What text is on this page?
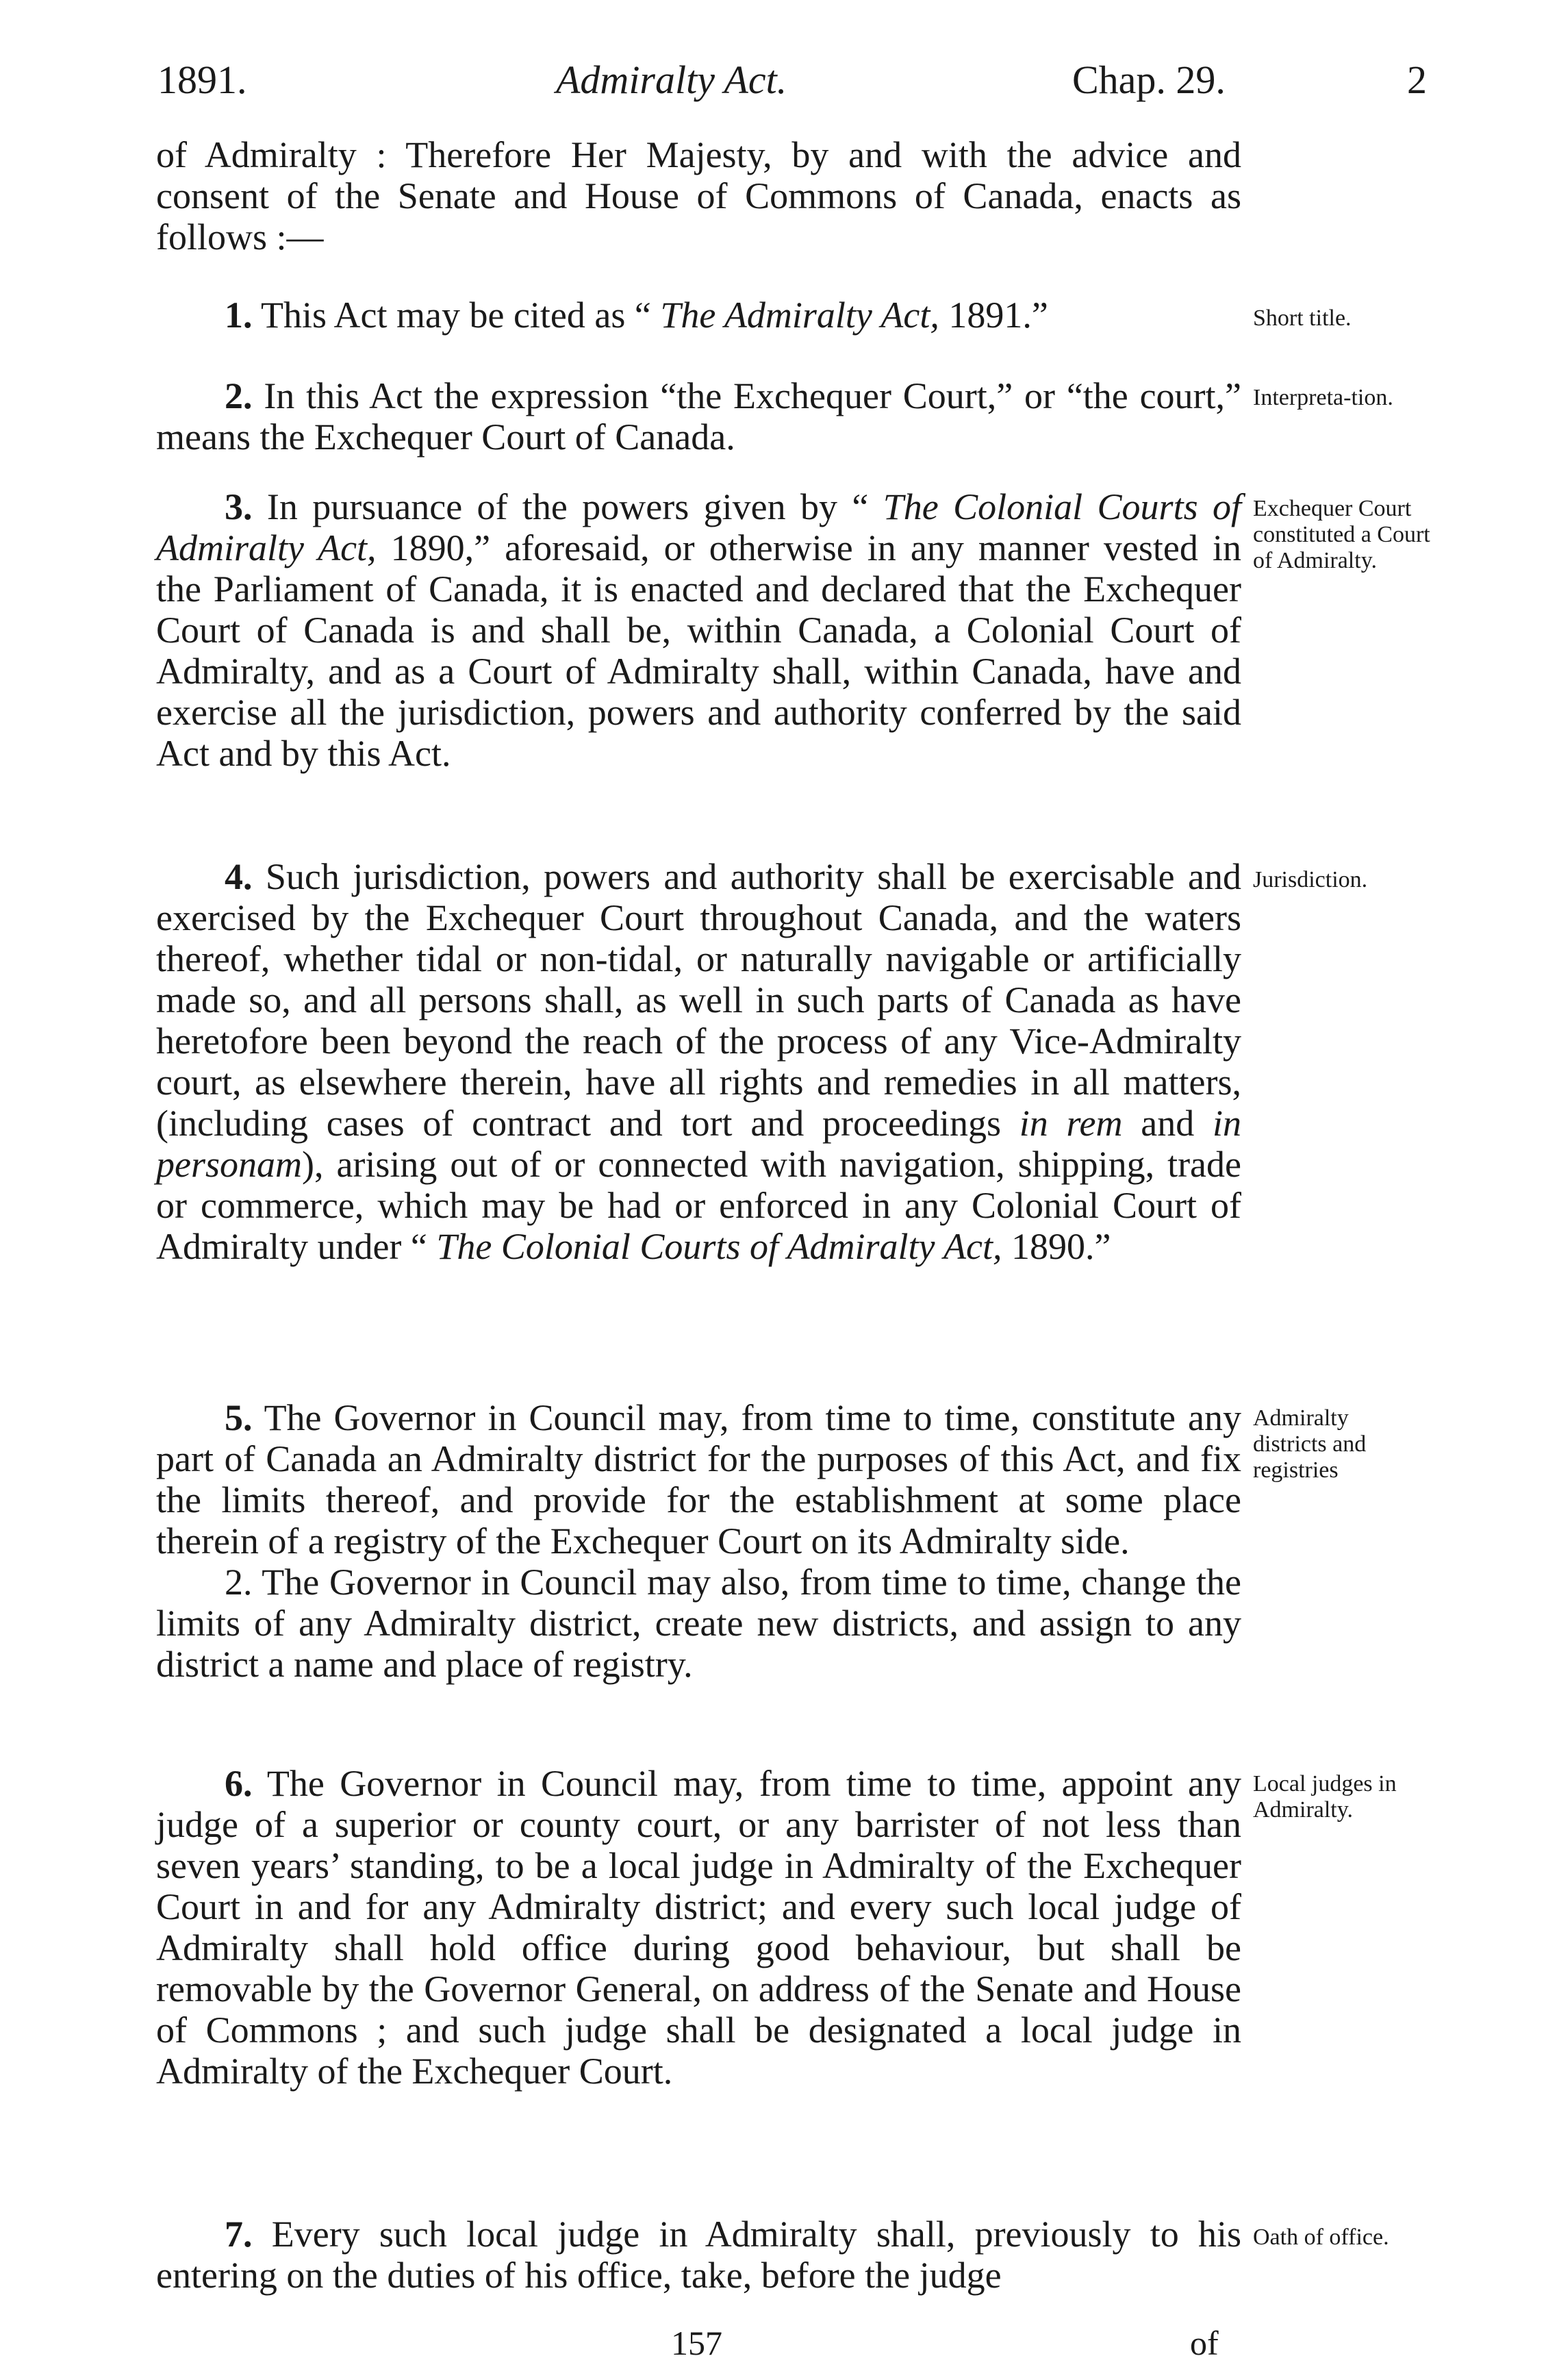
1891.	Admiralty Act.	Chap. 29.	2

of Admiralty : Therefore Her Majesty, by and with the advice and consent of the Senate and House of Commons of Canada, enacts as follows :—

1. This Act may be cited as “ The Admiralty Act, 1891.”	Short title.

2. In this Act the expression “the Exchequer Court,” or “the court,” means the Exchequer Court of Canada.

Interpreta-tion.

3. In pursuance of the powers given by “ The Colonial Courts of Admiralty Act, 1890,” aforesaid, or otherwise in any manner vested in the Parliament of Canada, it is enacted and declared that the Exchequer Court of Canada is and shall be, within Canada, a Colonial Court of Admiralty, and as a Court of Admiralty shall, within Canada, have and exercise all the jurisdiction, powers and authority conferred by the said Act and by this Act.

Exchequer Court constituted a Court of Admiralty.

4. Such jurisdiction, powers and authority shall be exercisable and exercised by the Exchequer Court throughout Canada, and the waters thereof, whether tidal or non-tidal, or naturally navigable or artificially made so, and all persons shall, as well in such parts of Canada as have heretofore been beyond the reach of the process of any Vice-Admiralty court, as elsewhere therein, have all rights and remedies in all matters, (including cases of contract and tort and proceedings in rem and in personam), arising out of or connected with navigation, shipping, trade or commerce, which may be had or enforced in any Colonial Court of Admiralty under “ The Colonial Courts of Admiralty Act, 1890.”

Jurisdiction.

5. The Governor in Council may, from time to time, constitute any part of Canada an Admiralty district for the purposes of this Act, and fix the limits thereof, and provide for the establishment at some place therein of a registry of the Exchequer Court on its Admiralty side.

2. The Governor in Council may also, from time to time, change the limits of any Admiralty district, create new districts, and assign to any district a name and place of registry.

Admiralty districts and registries

6. The Governor in Council may, from time to time, appoint any judge of a superior or county court, or any barrister of not less than seven years’ standing, to be a local judge in Admiralty of the Exchequer Court in and for any Admiralty district; and every such local judge of Admiralty shall hold office during good behaviour, but shall be removable by the Governor General, on address of the Senate and House of Commons ; and such judge shall be designated a local judge in Admiralty of the Exchequer Court.

Local judges in Admiralty.

7. Every such local judge in Admiralty shall, previously to his entering on the duties of his office, take, before the judge

Oath of office.
157	of
